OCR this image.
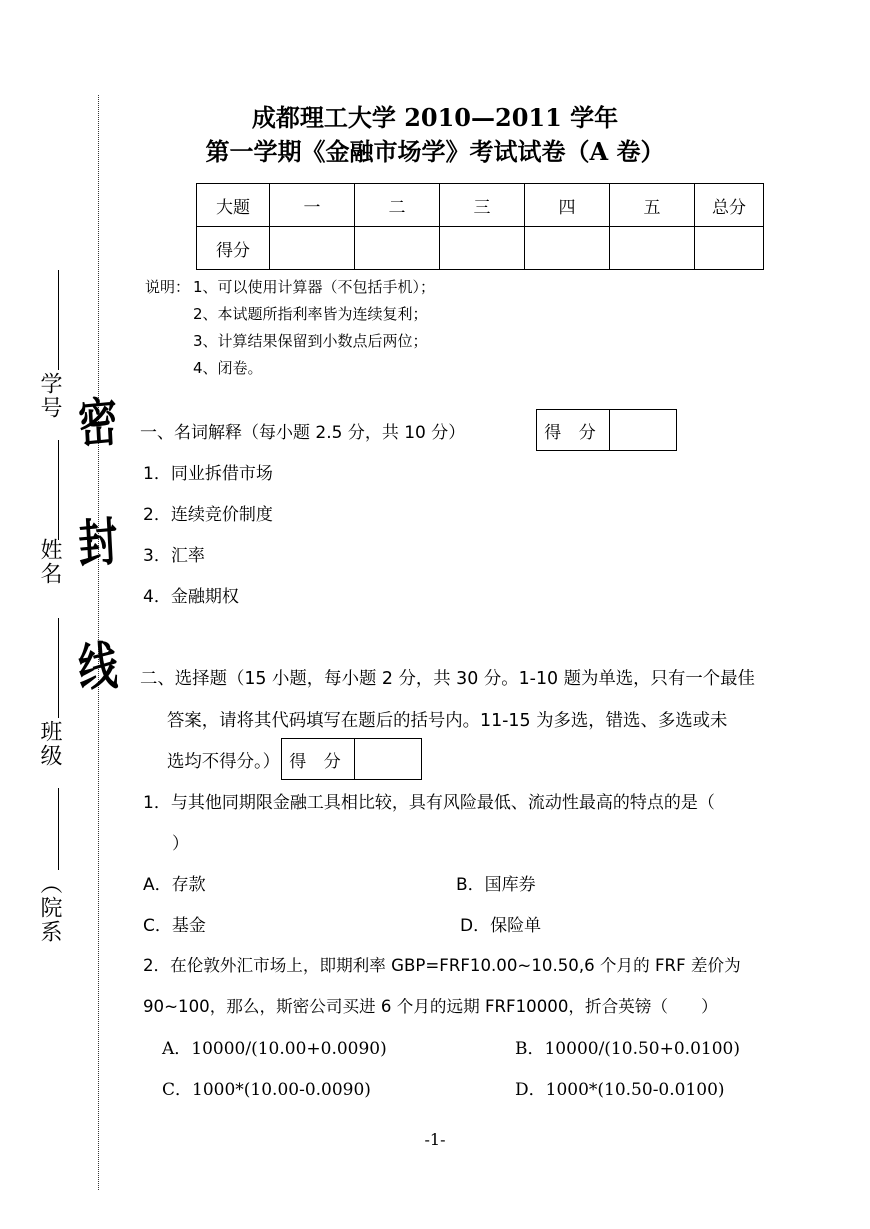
学号
姓名
班级
（院系
密
封
线
成都理工大学 2010—2011 学年
第一学期《金融市场学》考试试卷（A 卷）
大题	一	二	三	四	五	总分
得分						
说明： 1、可以使用计算器（不包括手机）；
2、本试题所指利率皆为连续复利；
3、计算结果保留到小数点后两位；
4、闭卷。
一、名词解释（每小题 2.5 分，共 10 分）	得 分
1．同业拆借市场
2．连续竞价制度
3．汇率
4．金融期权
二、选择题（15 小题，每小题 2 分，共 30 分。1-10 题为单选，只有一个最佳
答案，请将其代码填写在题后的括号内。11-15 为多选，错选、多选或未
选均不得分。） 得 分
1．与其他同期限金融工具相比较，具有风险最低、流动性最高的特点的是（
）
A．存款	B．国库券
C．基金	D．保险单
2．在伦敦外汇市场上，即期利率 GBP=FRF10.00~10.50,6 个月的 FRF 差价为
90~100，那么，斯密公司买进 6 个月的远期 FRF10000，折合英镑（　　）
A．10000/(10.00+0.0090)	B．10000/(10.50+0.0100)
C．1000*(10.00-0.0090)	D．1000*(10.50-0.0100)
-1-
